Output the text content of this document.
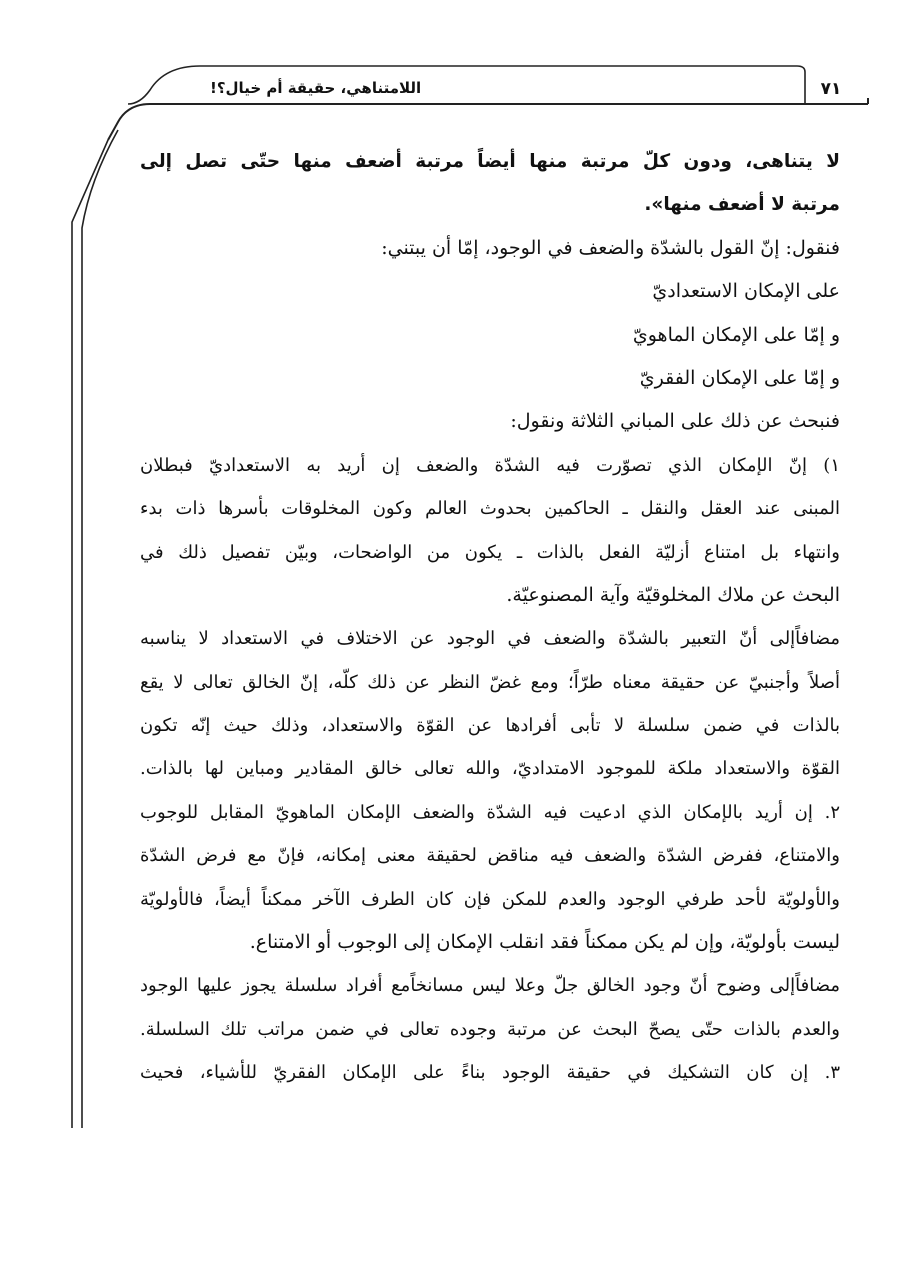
اللامتناهي، حقيقة أم خيال؟!	٧١
لا يتناهى، ودون كلّ مرتبة منها أيضاً مرتبة أضعف منها حتّى تصل إلى
مرتبة لا أضعف منها».
فنقول: إنّ القول بالشدّة والضعف في الوجود، إمّا أن يبتني:
على الإمكان الاستعداديّ
و إمّا على الإمكان الماهويّ
و إمّا على الإمكان الفقريّ
فنبحث عن ذلك على المباني الثلاثة ونقول:
١) إنّ الإمكان الذي تصوّرت فيه الشدّة والضعف إن أريد به الاستعداديّ فبطلان
المبنى عند العقل والنقل ـ الحاكمين بحدوث العالم وكون المخلوقات بأسرها ذات بدء
وانتهاء بل امتناع أزليّة الفعل بالذات ـ يكون من الواضحات، وبيّن تفصيل ذلك في
البحث عن ملاك المخلوقيّة وآية المصنوعيّة.
مضافاًإلى أنّ التعبير بالشدّة والضعف في الوجود عن الاختلاف في الاستعداد لا يناسبه
أصلاً وأجنبيّ عن حقيقة معناه طرّاً؛ ومع غضّ النظر عن ذلك كلّه، إنّ الخالق تعالى لا يقع
بالذات في ضمن سلسلة لا تأبى أفرادها عن القوّة والاستعداد، وذلك حيث إنّه تكون
القوّة والاستعداد ملكة للموجود الامتداديّ، والله تعالى خالق المقادير ومباين لها بالذات.
٢. إن أريد بالإمكان الذي ادعيت فيه الشدّة والضعف الإمكان الماهويّ المقابل للوجوب
والامتناع، ففرض الشدّة والضعف فيه مناقض لحقيقة معنى إمكانه، فإنّ مع فرض الشدّة
والأولويّة لأحد طرفي الوجود والعدم للمكن فإن كان الطرف الآخر ممكناً أيضاً، فالأولويّة
ليست بأولويّة، وإن لم يكن ممكناً فقد انقلب الإمكان إلى الوجوب أو الامتناع.
مضافاًإلى وضوح أنّ وجود الخالق جلّ وعلا ليس مسانخاًمع أفراد سلسلة يجوز عليها الوجود
والعدم بالذات حتّى يصحّ البحث عن مرتبة وجوده تعالى في ضمن مراتب تلك السلسلة.
٣. إن كان التشكيك في حقيقة الوجود بناءً على الإمكان الفقريّ للأشياء، فحيث
